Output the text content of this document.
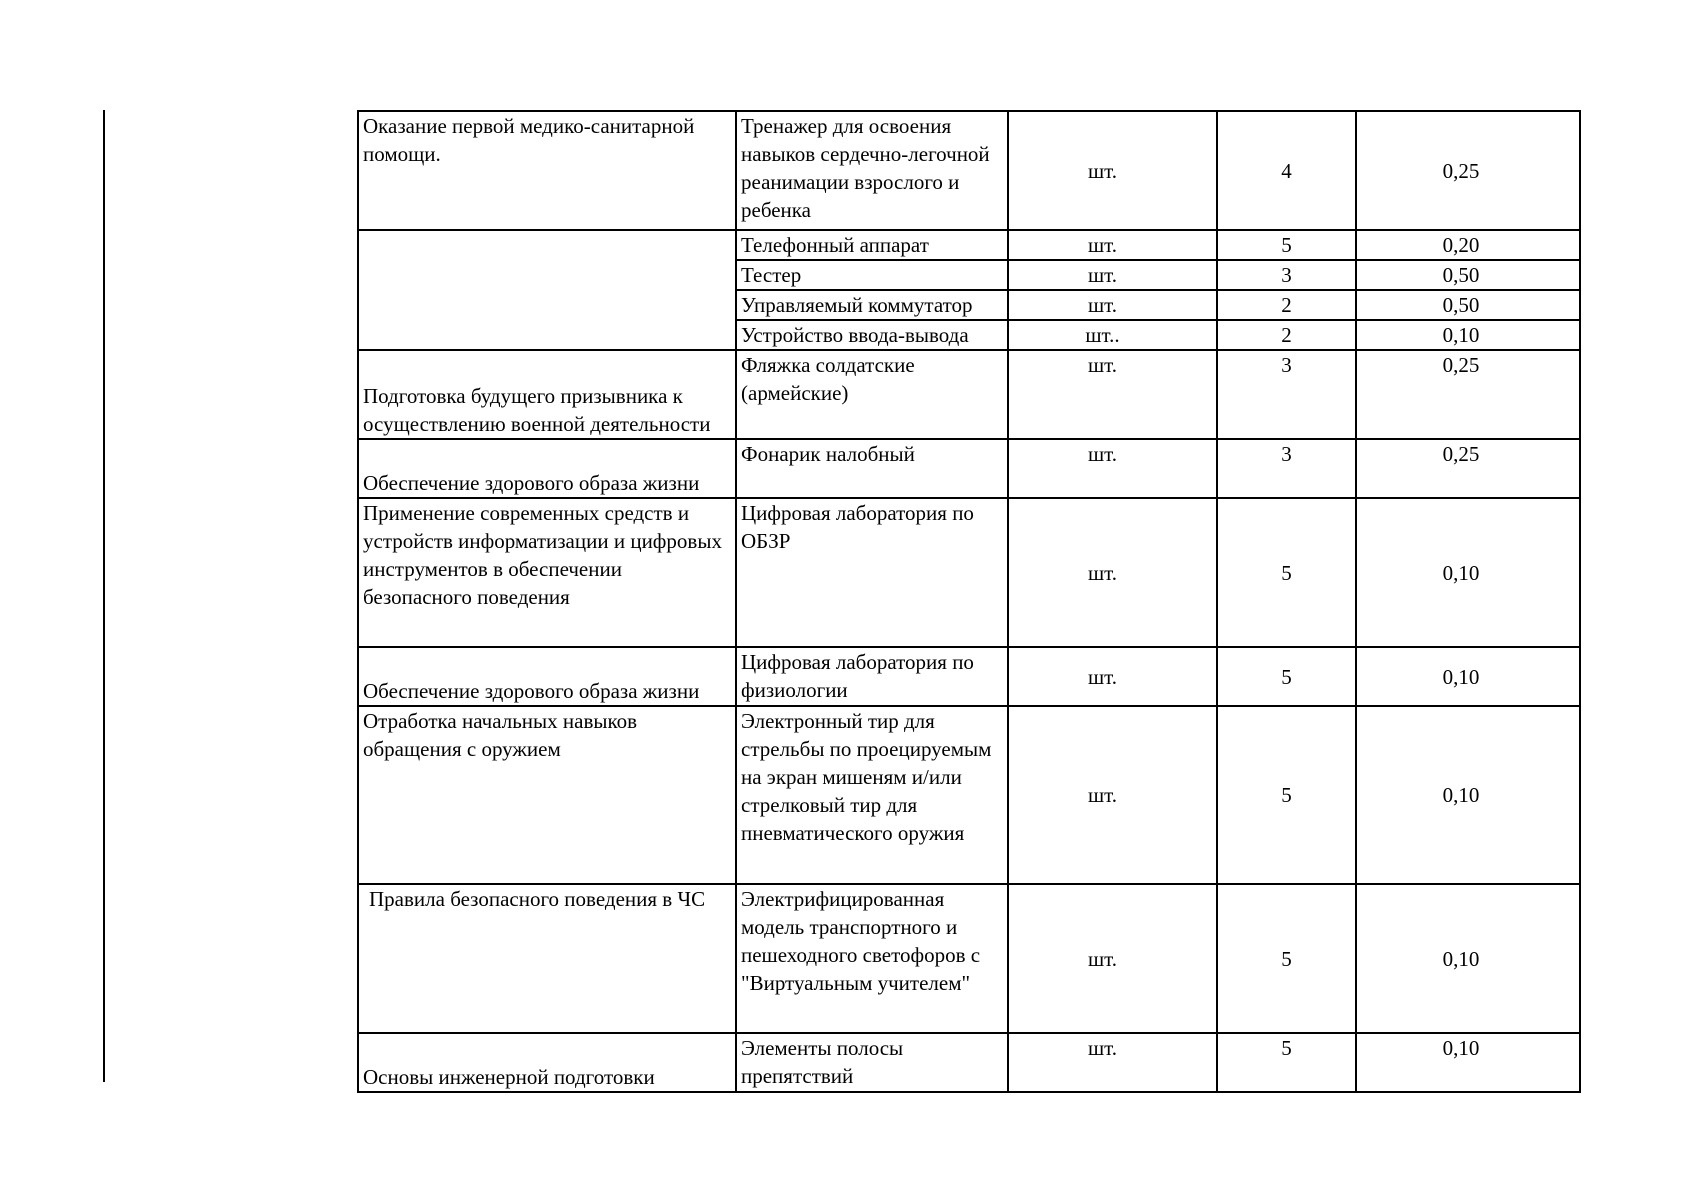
Оказание первой медико-санитарной помощи.	Тренажер для освоения навыков сердечно-легочной реанимации взрослого и ребенка	шт.	4	0,25
	Телефонный аппарат	шт.	5	0,20
	Тестер	шт.	3	0,50
	Управляемый коммутатор	шт.	2	0,50
	Устройство ввода-вывода	шт..	2	0,10
Подготовка будущего призывника к осуществлению военной деятельности	Фляжка солдатские (армейские)	шт.	3	0,25
Обеспечение здорового образа жизни	Фонарик налобный	шт.	3	0,25
Применение современных средств и устройств информатизации и цифровых инструментов в обеспечении безопасного поведения	Цифровая лаборатория по ОБЗР	шт.	5	0,10
Обеспечение здорового образа жизни	Цифровая лаборатория по физиологии	шт.	5	0,10
Отработка начальных навыков обращения с оружием	Электронный тир для стрельбы по проецируемым на экран мишеням и/или стрелковый тир для пневматического оружия	шт.	5	0,10
Правила безопасного поведения в ЧС	Электрифицированная модель транспортного и пешеходного светофоров с "Виртуальным учителем"	шт.	5	0,10
Основы инженерной подготовки	Элементы полосы препятствий	шт.	5	0,10
